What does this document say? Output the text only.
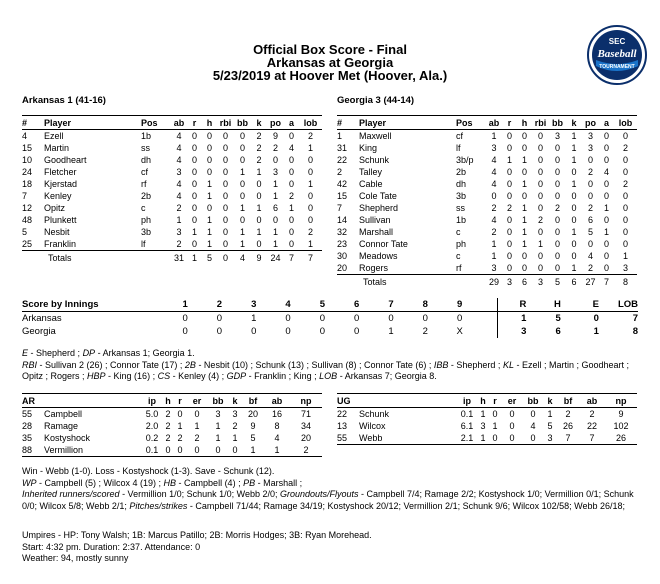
Official Box Score - Final
Arkansas at Georgia
5/23/2019 at Hoover Met (Hoover, Ala.)
SEC
Baseball
TOURNAMENT
Arkansas 1 (41-16)	Georgia 3 (44-14)
#	Player	Pos	ab	r	h	rbi	bb	k	po	a	lob
4	Ezell	1b	4	0	0	0	0	2	9	0	2
15	Martin	ss	4	0	0	0	0	2	2	4	1
10	Goodheart	dh	4	0	0	0	0	2	0	0	0
24	Fletcher	cf	3	0	0	0	1	1	3	0	0
18	Kjerstad	rf	4	0	1	0	0	0	1	0	1
7	Kenley	2b	4	0	1	0	0	0	1	2	0
12	Opitz	c	2	0	0	0	1	1	6	1	0
48	Plunkett	ph	1	0	1	0	0	0	0	0	0
5	Nesbit	3b	3	1	1	0	1	1	1	0	2
25	Franklin	lf	2	0	1	0	1	0	1	0	1
	Totals		31	1	5	0	4	9	24	7	7
#	Player	Pos	ab	r	h	rbi	bb	k	po	a	lob
1	Maxwell	cf	1	0	0	0	3	1	3	0	0
31	King	lf	3	0	0	0	0	1	3	0	2
22	Schunk	3b/p	4	1	1	0	0	1	0	0	0
2	Talley	2b	4	0	0	0	0	0	2	4	0
42	Cable	dh	4	0	1	0	0	1	0	0	2
15	Cole Tate	3b	0	0	0	0	0	0	0	0	0
7	Shepherd	ss	2	2	1	0	2	0	2	1	0
14	Sullivan	1b	4	0	1	2	0	0	6	0	0
32	Marshall	c	2	0	1	0	0	1	5	1	0
23	Connor Tate	ph	1	0	1	1	0	0	0	0	0
30	Meadows	c	1	0	0	0	0	0	4	0	1
20	Rogers	rf	3	0	0	0	0	1	2	0	3
	Totals		29	3	6	3	5	6	27	7	8
Score by Innings	1	2	3	4	5	6	7	8	9		R	H	E	LOB
Arkansas	0	0	1	0	0	0	0	0	0		1	5	0	7
Georgia	0	0	0	0	0	0	1	2	X		3	6	1	8
E - Shepherd ; DP - Arkansas 1; Georgia 1.
RBI - Sullivan 2 (26) ; Connor Tate (17) ; 2B - Nesbit (10) ; Schunk (13) ; Sullivan (8) ; Connor Tate (6) ; IBB - Shepherd ; KL - Ezell ; Martin ; Goodheart ; Opitz ; Rogers ; HBP - King (16) ; CS - Kenley (4) ; GDP - Franklin ; King ; LOB - Arkansas 7; Georgia 8.
AR		ip	h	r	er	bb	k	bf	ab	np
55	Campbell	5.0	2	0	0	3	3	20	16	71
28	Ramage	2.0	2	1	1	1	2	9	8	34
35	Kostyshock	0.2	2	2	2	1	1	5	4	20
88	Vermillion	0.1	0	0	0	0	0	1	1	2
UG		ip	h	r	er	bb	k	bf	ab	np
22	Schunk	0.1	1	0	0	0	1	2	2	9
13	Wilcox	6.1	3	1	0	4	5	26	22	102
55	Webb	2.1	1	0	0	0	3	7	7	26
Win - Webb (1-0). Loss - Kostyshock (1-3). Save - Schunk (12).
WP - Campbell (5) ; Wilcox 4 (19) ; HB - Campbell (4) ; PB - Marshall ;
Inherited runners/scored - Vermillion 1/0; Schunk 1/0; Webb 2/0; Groundouts/Flyouts - Campbell 7/4; Ramage 2/2; Kostyshock 1/0; Vermillion 0/1; Schunk 0/0; Wilcox 5/8; Webb 2/1; Pitches/strikes - Campbell 71/44; Ramage 34/19; Kostyshock 20/12; Vermillion 2/1; Schunk 9/6; Wilcox 102/58; Webb 26/18;
Umpires - HP: Tony Walsh; 1B: Marcus Patillo; 2B: Morris Hodges; 3B: Ryan Morehead.
Start: 4:32 pm. Duration: 2:37. Attendance: 0
Weather: 94, mostly sunny
